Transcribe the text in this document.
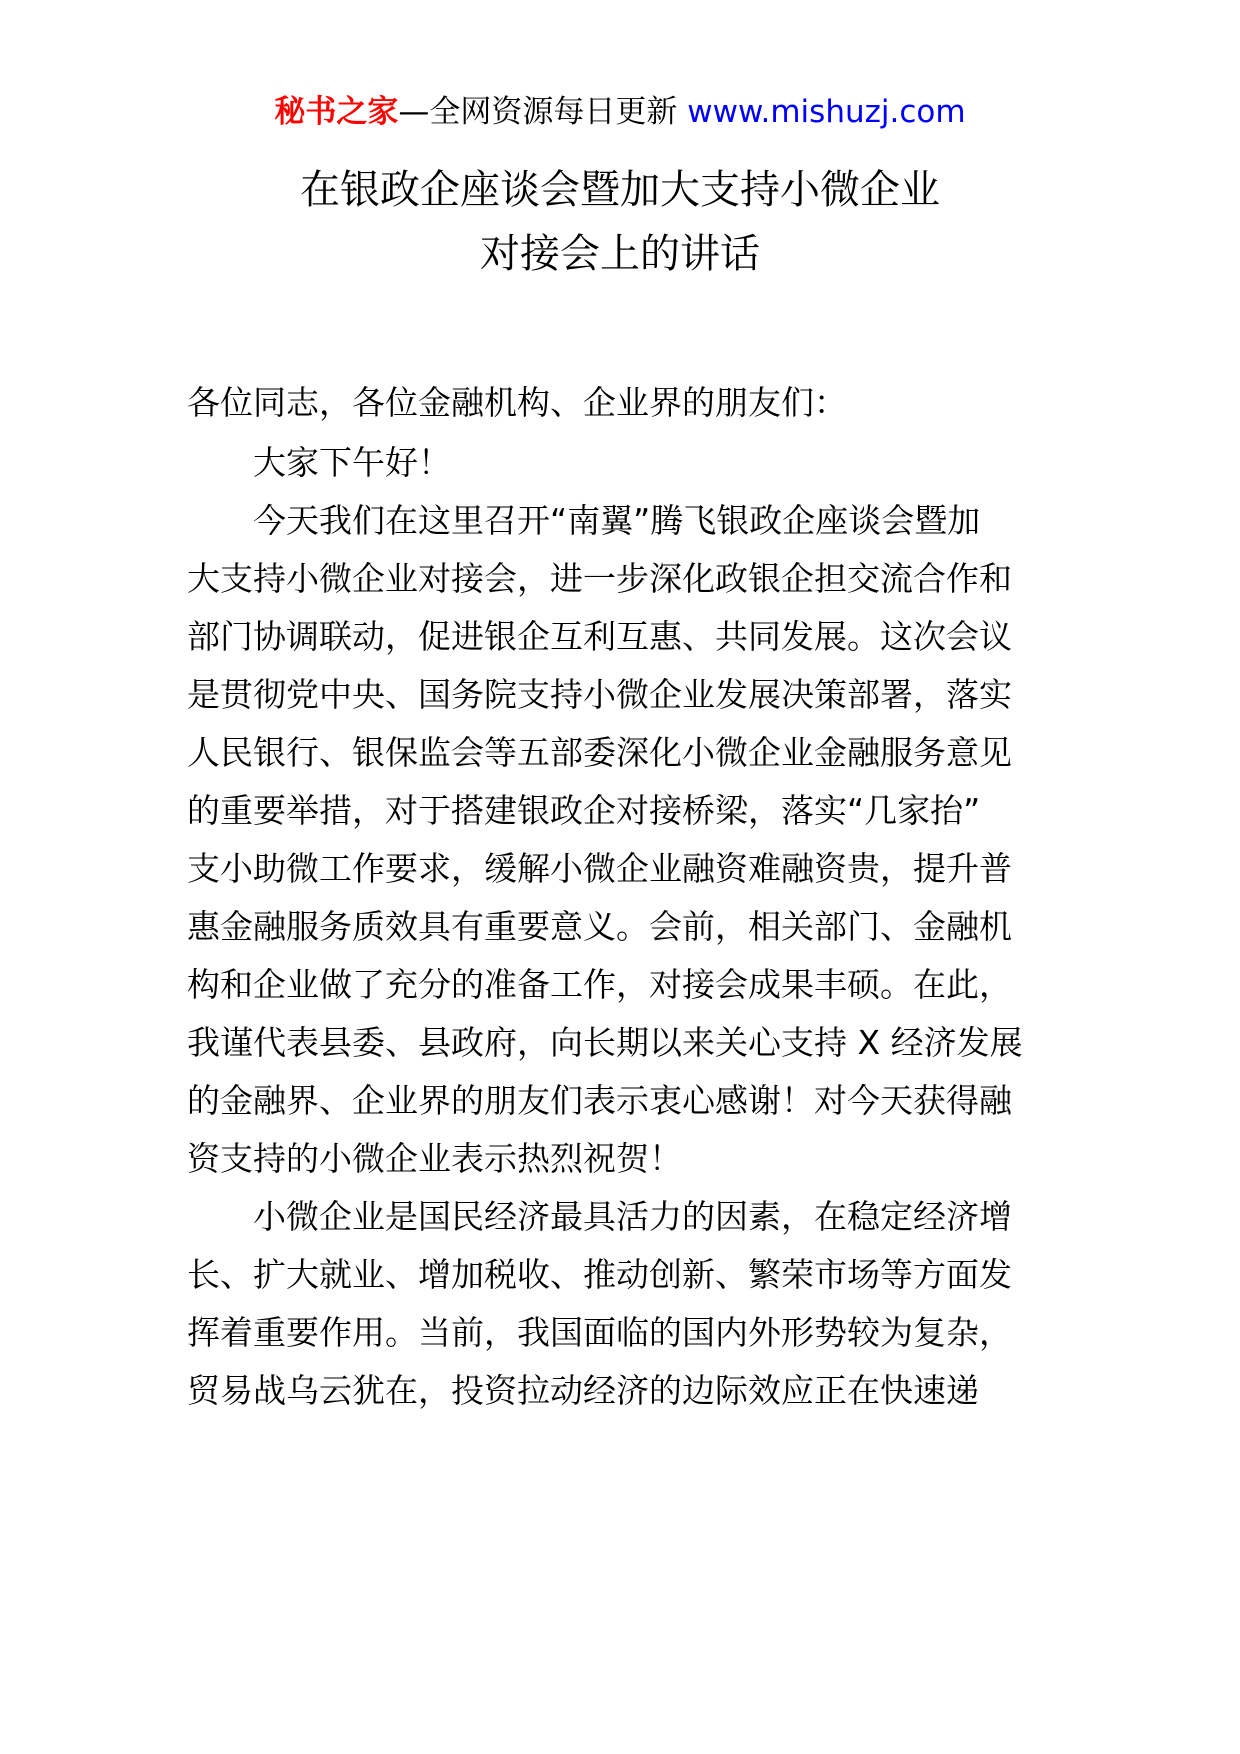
秘书之家—全网资源每日更新 www.mishuzj.com
在银政企座谈会暨加大支持小微企业
对接会上的讲话
各位同志，各位金融机构、企业界的朋友们：
　　大家下午好！
　　今天我们在这里召开“南翼”腾飞银政企座谈会暨加
大支持小微企业对接会，进一步深化政银企担交流合作和
部门协调联动，促进银企互利互惠、共同发展。这次会议
是贯彻党中央、国务院支持小微企业发展决策部署，落实
人民银行、银保监会等五部委深化小微企业金融服务意见
的重要举措，对于搭建银政企对接桥梁，落实“几家抬”
支小助微工作要求，缓解小微企业融资难融资贵，提升普
惠金融服务质效具有重要意义。会前，相关部门、金融机
构和企业做了充分的准备工作，对接会成果丰硕。在此，
我谨代表县委、县政府，向长期以来关心支持 X 经济发展
的金融界、企业界的朋友们表示衷心感谢！对今天获得融
资支持的小微企业表示热烈祝贺！
　　小微企业是国民经济最具活力的因素，在稳定经济增
长、扩大就业、增加税收、推动创新、繁荣市场等方面发
挥着重要作用。当前，我国面临的国内外形势较为复杂，
贸易战乌云犹在，投资拉动经济的边际效应正在快速递
